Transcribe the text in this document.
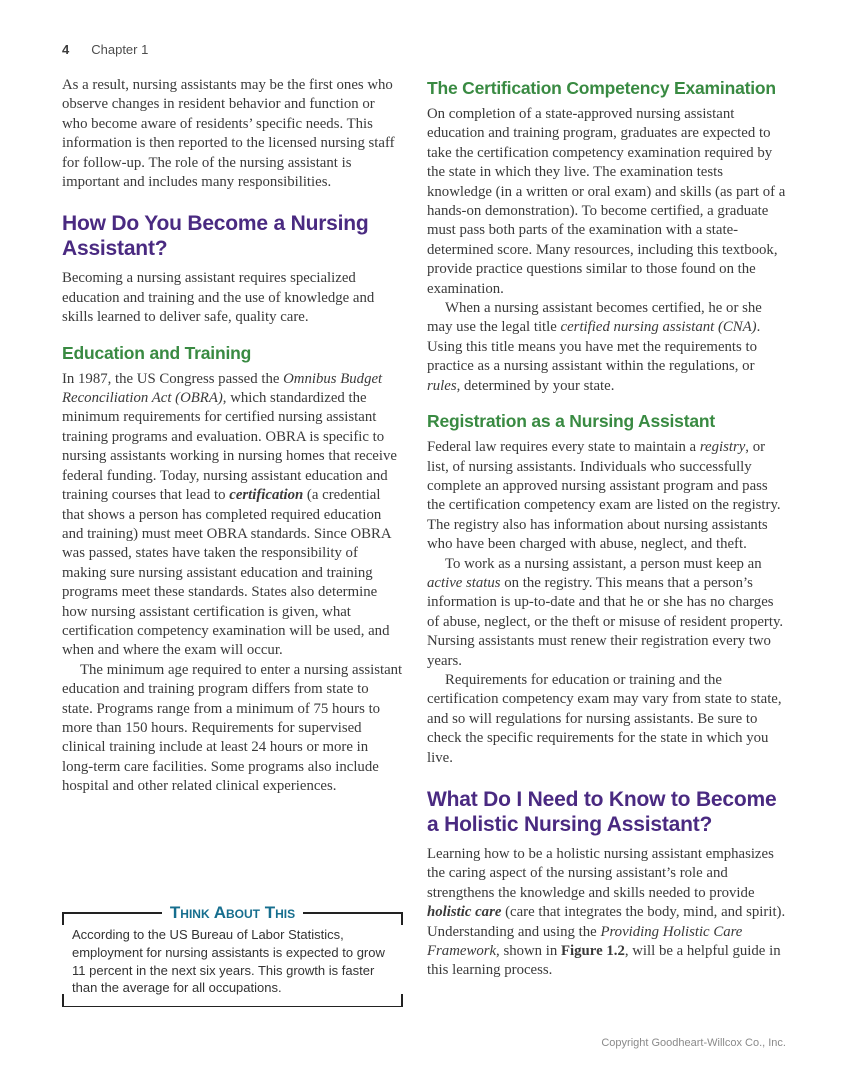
4 Chapter 1

As a result, nursing assistants may be the first ones who observe changes in resident behavior and function or who become aware of residents’ specific needs. This information is then reported to the licensed nursing staff for follow-up. The role of the nursing assistant is important and includes many responsibilities.

How Do You Become a Nursing Assistant?

Becoming a nursing assistant requires specialized education and training and the use of knowledge and skills learned to deliver safe, quality care.

Education and Training

In 1987, the US Congress passed the Omnibus Budget Reconciliation Act (OBRA), which standardized the minimum requirements for certified nursing assistant training programs and evaluation. OBRA is specific to nursing assistants working in nursing homes that receive federal funding. Today, nursing assistant education and training courses that lead to certification (a credential that shows a person has completed required education and training) must meet OBRA standards. Since OBRA was passed, states have taken the responsibility of making sure nursing assistant education and training programs meet these standards. States also determine how nursing assistant certification is given, what certification competency examination will be used, and when and where the exam will occur.

The minimum age required to enter a nursing assistant education and training program differs from state to state. Programs range from a minimum of 75 hours to more than 150 hours. Requirements for supervised clinical training include at least 24 hours or more in long-term care facilities. Some programs also include hospital and other related clinical experiences.

The Certification Competency Examination

On completion of a state-approved nursing assistant education and training program, graduates are expected to take the certification competency examination required by the state in which they live. The examination tests knowledge (in a written or oral exam) and skills (as part of a hands-on demonstration). To become certified, a graduate must pass both parts of the examination with a state-determined score. Many resources, including this textbook, provide practice questions similar to those found on the examination.

When a nursing assistant becomes certified, he or she may use the legal title certified nursing assistant (CNA). Using this title means you have met the requirements to practice as a nursing assistant within the regulations, or rules, determined by your state.

Registration as a Nursing Assistant

Federal law requires every state to maintain a registry, or list, of nursing assistants. Individuals who successfully complete an approved nursing assistant program and pass the certification competency exam are listed on the registry. The registry also has information about nursing assistants who have been charged with abuse, neglect, and theft.

To work as a nursing assistant, a person must keep an active status on the registry. This means that a person’s information is up-to-date and that he or she has no charges of abuse, neglect, or the theft or misuse of resident property. Nursing assistants must renew their registration every two years.

Requirements for education or training and the certification competency exam may vary from state to state, and so will regulations for nursing assistants. Be sure to check the specific requirements for the state in which you live.

What Do I Need to Know to Become a Holistic Nursing Assistant?

Learning how to be a holistic nursing assistant emphasizes the caring aspect of the nursing assistant’s role and strengthens the knowledge and skills needed to provide holistic care (care that integrates the body, mind, and spirit). Understanding and using the Providing Holistic Care Framework, shown in Figure 1.2, will be a helpful guide in this learning process.

Think About This
According to the US Bureau of Labor Statistics, employment for nursing assistants is expected to grow 11 percent in the next six years. This growth is faster than the average for all occupations.
Copyright Goodheart-Willcox Co., Inc.
